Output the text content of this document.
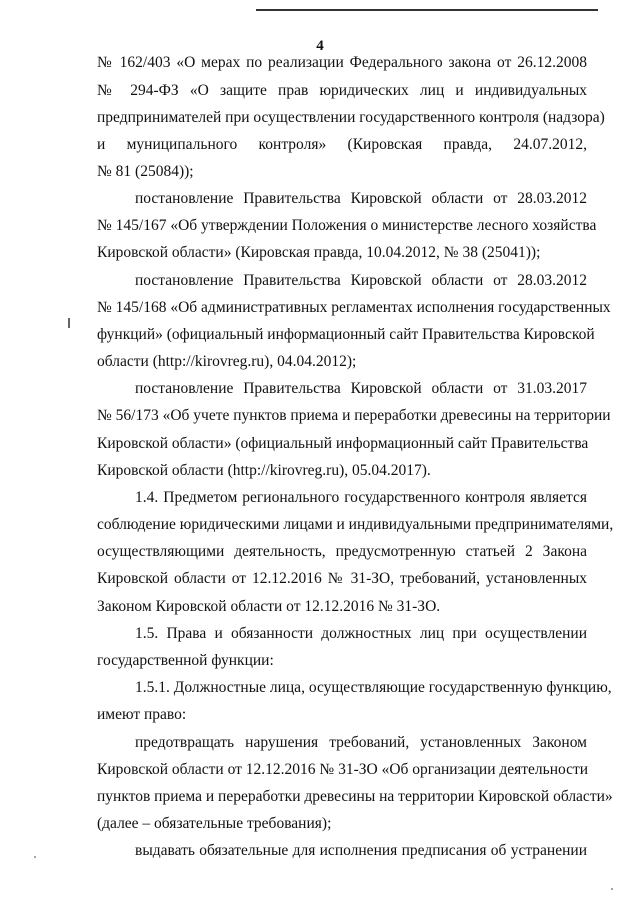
4
№ 162/403 «О мерах по реализации Федерального закона от 26.12.2008
№ 294-ФЗ «О защите прав юридических лиц и индивидуальных
предпринимателей при осуществлении государственного контроля (надзора)
и муниципального контроля» (Кировская правда, 24.07.2012,
№ 81 (25084));
постановление Правительства Кировской области от 28.03.2012
№ 145/167 «Об утверждении Положения о министерстве лесного хозяйства
Кировской области» (Кировская правда, 10.04.2012, № 38 (25041));
постановление Правительства Кировской области от 28.03.2012
№ 145/168 «Об административных регламентах исполнения государственных
функций» (официальный информационный сайт Правительства Кировской
области (http://kirovreg.ru), 04.04.2012);
постановление Правительства Кировской области от 31.03.2017
№ 56/173 «Об учете пунктов приема и переработки древесины на территории
Кировской области» (официальный информационный сайт Правительства
Кировской области (http://kirovreg.ru), 05.04.2017).
1.4. Предметом регионального государственного контроля является
соблюдение юридическими лицами и индивидуальными предпринимателями,
осуществляющими деятельность, предусмотренную статьей 2 Закона
Кировской области от 12.12.2016 № 31-ЗО, требований, установленных
Законом Кировской области от 12.12.2016 № 31-ЗО.
1.5. Права и обязанности должностных лиц при осуществлении
государственной функции:
1.5.1. Должностные лица, осуществляющие государственную функцию,
имеют право:
предотвращать нарушения требований, установленных Законом
Кировской области от 12.12.2016 № 31-ЗО «Об организации деятельности
пунктов приема и переработки древесины на территории Кировской области»
(далее – обязательные требования);
выдавать обязательные для исполнения предписания об устранении
